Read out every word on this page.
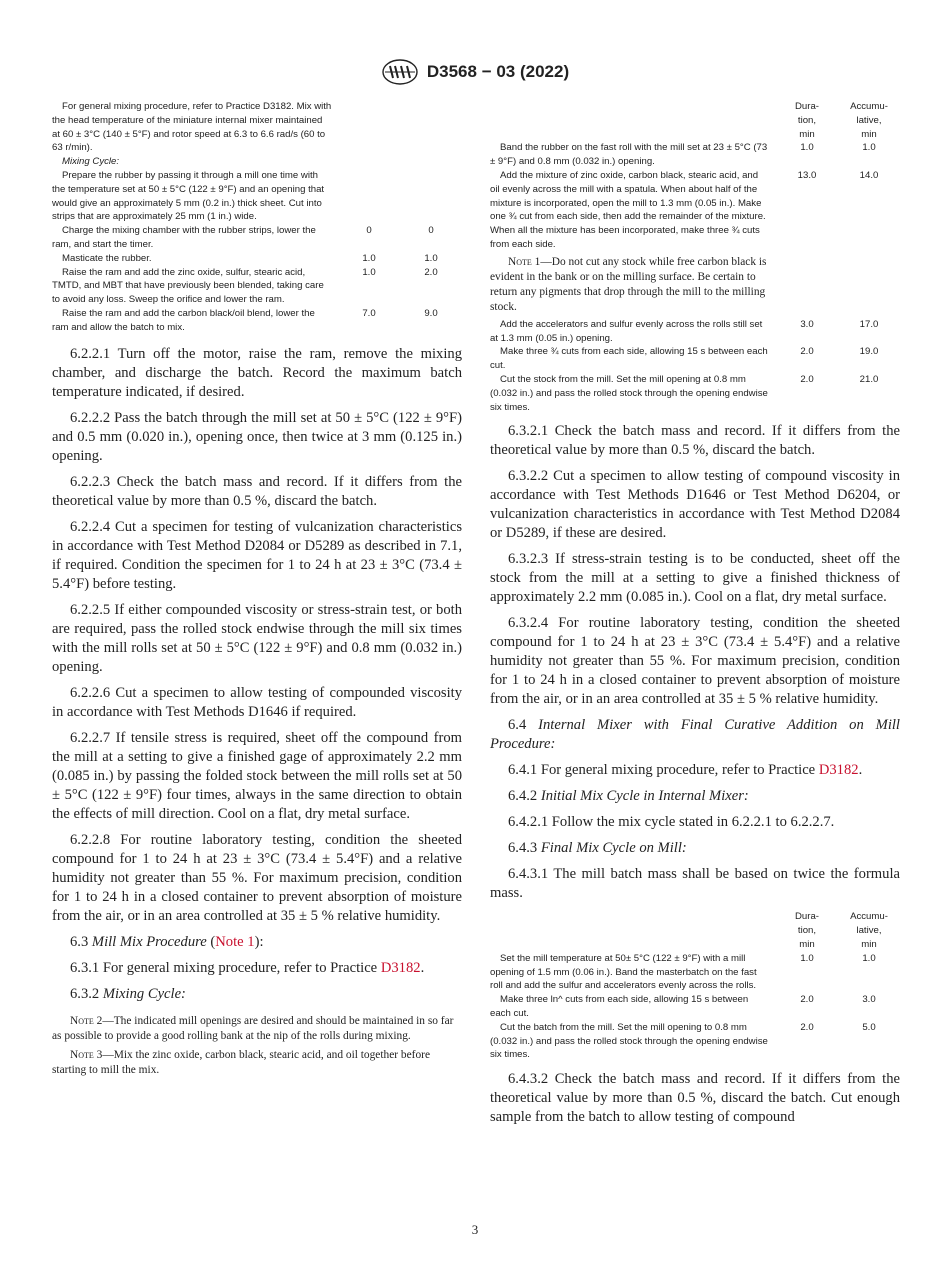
D3568 − 03 (2022)
For general mixing procedure, refer to Practice D3182. Mix with the head temperature of the miniature internal mixer maintained at 60 ± 3°C (140 ± 5°F) and rotor speed at 6.3 to 6.6 rad/s (60 to 63 r/min).		

Mixing Cycle:		

Prepare the rubber by passing it through a mill one time with the temperature set at 50 ± 5°C (122 ± 9°F) and an opening that would give an approximately 5 mm (0.2 in.) thick sheet. Cut into strips that are approximately 25 mm (1 in.) wide.		

Charge the mixing chamber with the rubber strips, lower the ram, and start the timer.	0	0

Masticate the rubber.	1.0	1.0

Raise the ram and add the zinc oxide, sulfur, stearic acid, TMTD, and MBT that have previously been blended, taking care to avoid any loss. Sweep the orifice and lower the ram.	1.0	2.0

Raise the ram and add the carbon black/oil blend, lower the ram and allow the batch to mix.	7.0	9.0

6.2.2.1 Turn off the motor, raise the ram, remove the mixing chamber, and discharge the batch. Record the maximum batch temperature indicated, if desired.

6.2.2.2 Pass the batch through the mill set at 50 ± 5°C (122 ± 9°F) and 0.5 mm (0.020 in.), opening once, then twice at 3 mm (0.125 in.) opening.

6.2.2.3 Check the batch mass and record. If it differs from the theoretical value by more than 0.5 %, discard the batch.

6.2.2.4 Cut a specimen for testing of vulcanization characteristics in accordance with Test Method D2084 or D5289 as described in 7.1, if required. Condition the specimen for 1 to 24 h at 23 ± 3°C (73.4 ± 5.4°F) before testing.

6.2.2.5 If either compounded viscosity or stress-strain test, or both are required, pass the rolled stock endwise through the mill six times with the mill rolls set at 50 ± 5°C (122 ± 9°F) and 0.8 mm (0.032 in.) opening.

6.2.2.6 Cut a specimen to allow testing of compounded viscosity in accordance with Test Methods D1646 if required.

6.2.2.7 If tensile stress is required, sheet off the compound from the mill at a setting to give a finished gage of approximately 2.2 mm (0.085 in.) by passing the folded stock between the mill rolls set at 50 ± 5°C (122 ± 9°F) four times, always in the same direction to obtain the effects of mill direction. Cool on a flat, dry metal surface.

6.2.2.8 For routine laboratory testing, condition the sheeted compound for 1 to 24 h at 23 ± 3°C (73.4 ± 5.4°F) and a relative humidity not greater than 55 %. For maximum precision, condition for 1 to 24 h in a closed container to prevent absorption of moisture from the air, or in an area controlled at 35 ± 5 % relative humidity.

6.3 Mill Mix Procedure (Note 1):

6.3.1 For general mixing procedure, refer to Practice D3182.

6.3.2 Mixing Cycle:

Note 2—The indicated mill openings are desired and should be maintained in so far as possible to provide a good rolling bank at the nip of the rolls during mixing.

Note 3—Mix the zinc oxide, carbon black, stearic acid, and oil together before starting to mill the mix.

	Dura-
tion,
min	Accumu-
lative,
min

Band the rubber on the fast roll with the mill set at 23 ± 5°C (73 ± 9°F) and 0.8 mm (0.032 in.) opening.	1.0	1.0

Add the mixture of zinc oxide, carbon black, stearic acid, and oil evenly across the mill with a spatula. When about half of the mixture is incorporated, open the mill to 1.3 mm (0.05 in.). Make one ¾ cut from each side, then add the remainder of the mixture. When all the mixture has been incorporated, make three ¾ cuts from each side.	13.0	14.0

Note 1—Do not cut any stock while free carbon black is evident in the bank or on the milling surface. Be certain to return any pigments that drop through the mill to the milling stock.		

Add the accelerators and sulfur evenly across the rolls still set at 1.3 mm (0.05 in.) opening.	3.0	17.0

Make three ¾ cuts from each side, allowing 15 s between each cut.	2.0	19.0

Cut the stock from the mill. Set the mill opening at 0.8 mm (0.032 in.) and pass the rolled stock through the opening endwise six times.	2.0	21.0

6.3.2.1 Check the batch mass and record. If it differs from the theoretical value by more than 0.5 %, discard the batch.

6.3.2.2 Cut a specimen to allow testing of compound viscosity in accordance with Test Methods D1646 or Test Method D6204, or vulcanization characteristics in accordance with Test Method D2084 or D5289, if these are desired.

6.3.2.3 If stress-strain testing is to be conducted, sheet off the stock from the mill at a setting to give a finished thickness of approximately 2.2 mm (0.085 in.). Cool on a flat, dry metal surface.

6.3.2.4 For routine laboratory testing, condition the sheeted compound for 1 to 24 h at 23 ± 3°C (73.4 ± 5.4°F) and a relative humidity not greater than 55 %. For maximum precision, condition for 1 to 24 h in a closed container to prevent absorption of moisture from the air, or in an area controlled at 35 ± 5 % relative humidity.

6.4 Internal Mixer with Final Curative Addition on Mill Procedure:

6.4.1 For general mixing procedure, refer to Practice D3182.

6.4.2 Initial Mix Cycle in Internal Mixer:

6.4.2.1 Follow the mix cycle stated in 6.2.2.1 to 6.2.2.7.

6.4.3 Final Mix Cycle on Mill:

6.4.3.1 The mill batch mass shall be based on twice the formula mass.

	Dura-
tion,
min	Accumu-
lative,
min

Set the mill temperature at 50± 5°C (122 ± 9°F) with a mill opening of 1.5 mm (0.06 in.). Band the masterbatch on the fast roll and add the sulfur and accelerators evenly across the rolls.	1.0	1.0

Make three ln^ cuts from each side, allowing 15 s between each cut.	2.0	3.0

Cut the batch from the mill. Set the mill opening to 0.8 mm (0.032 in.) and pass the rolled stock through the opening endwise six times.	2.0	5.0

6.4.3.2 Check the batch mass and record. If it differs from the theoretical value by more than 0.5 %, discard the batch. Cut enough sample from the batch to allow testing of compound

3
